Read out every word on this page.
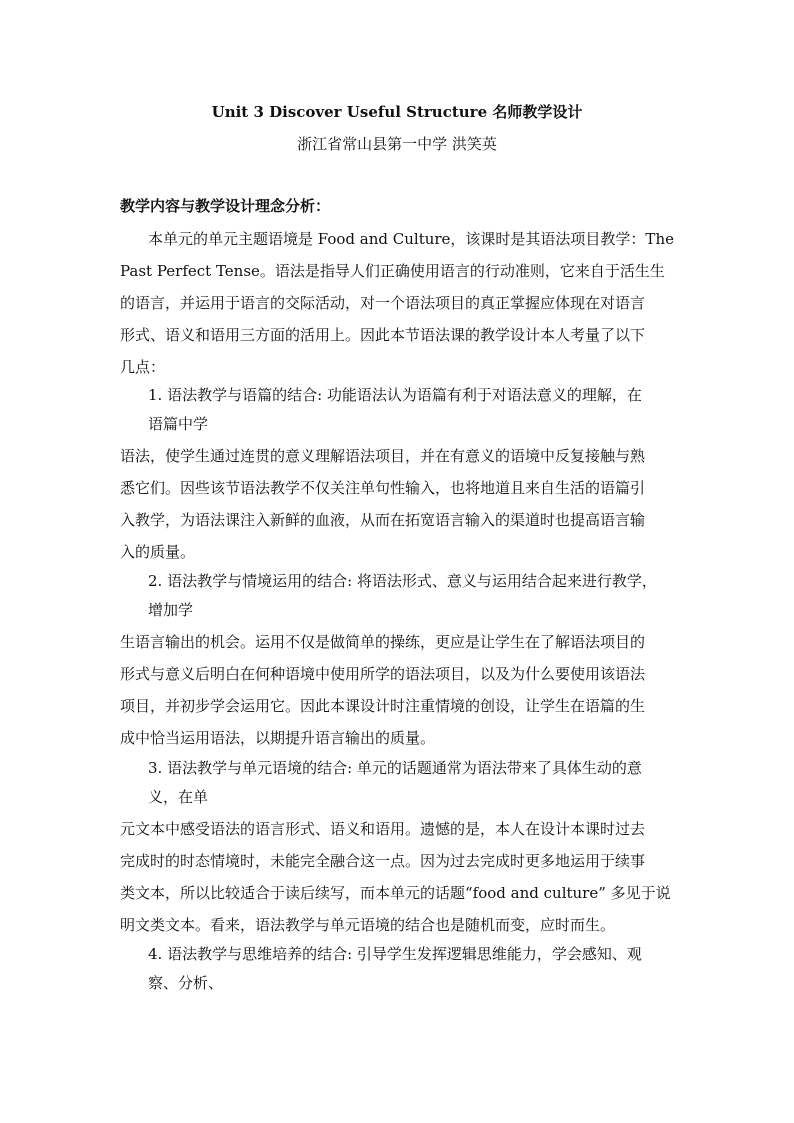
Unit 3 Discover Useful Structure 名师教学设计
浙江省常山县第一中学 洪笑英
教学内容与教学设计理念分析：
本单元的单元主题语境是 Food and Culture，该课时是其语法项目教学：The
Past Perfect Tense。语法是指导人们正确使用语言的行动准则，它来自于活生生
的语言，并运用于语言的交际活动，对一个语法项目的真正掌握应体现在对语言
形式、语义和语用三方面的活用上。因此本节语法课的教学设计本人考量了以下
几点：
1. 语法教学与语篇的结合: 功能语法认为语篇有利于对语法意义的理解，在
语篇中学
语法，使学生通过连贯的意义理解语法项目，并在有意义的语境中反复接触与熟
悉它们。因些该节语法教学不仅关注单句性输入，也将地道且来自生活的语篇引
入教学，为语法课注入新鲜的血液，从而在拓宽语言输入的渠道时也提高语言输
入的质量。
2. 语法教学与情境运用的结合: 将语法形式、意义与运用结合起来进行教学，
增加学
生语言输出的机会。运用不仅是做简单的操练，更应是让学生在了解语法项目的
形式与意义后明白在何种语境中使用所学的语法项目，以及为什么要使用该语法
项目，并初步学会运用它。因此本课设计时注重情境的创设，让学生在语篇的生
成中恰当运用语法，以期提升语言输出的质量。
3. 语法教学与单元语境的结合: 单元的话题通常为语法带来了具体生动的意
义，在单
元文本中感受语法的语言形式、语义和语用。遗憾的是，本人在设计本课时过去
完成时的时态情境时，未能完全融合这一点。因为过去完成时更多地运用于续事
类文本，所以比较适合于读后续写，而本单元的话题“food and culture” 多见于说
明文类文本。看来，语法教学与单元语境的结合也是随机而变，应时而生。
4. 语法教学与思维培养的结合: 引导学生发挥逻辑思维能力，学会感知、观
察、分析、
